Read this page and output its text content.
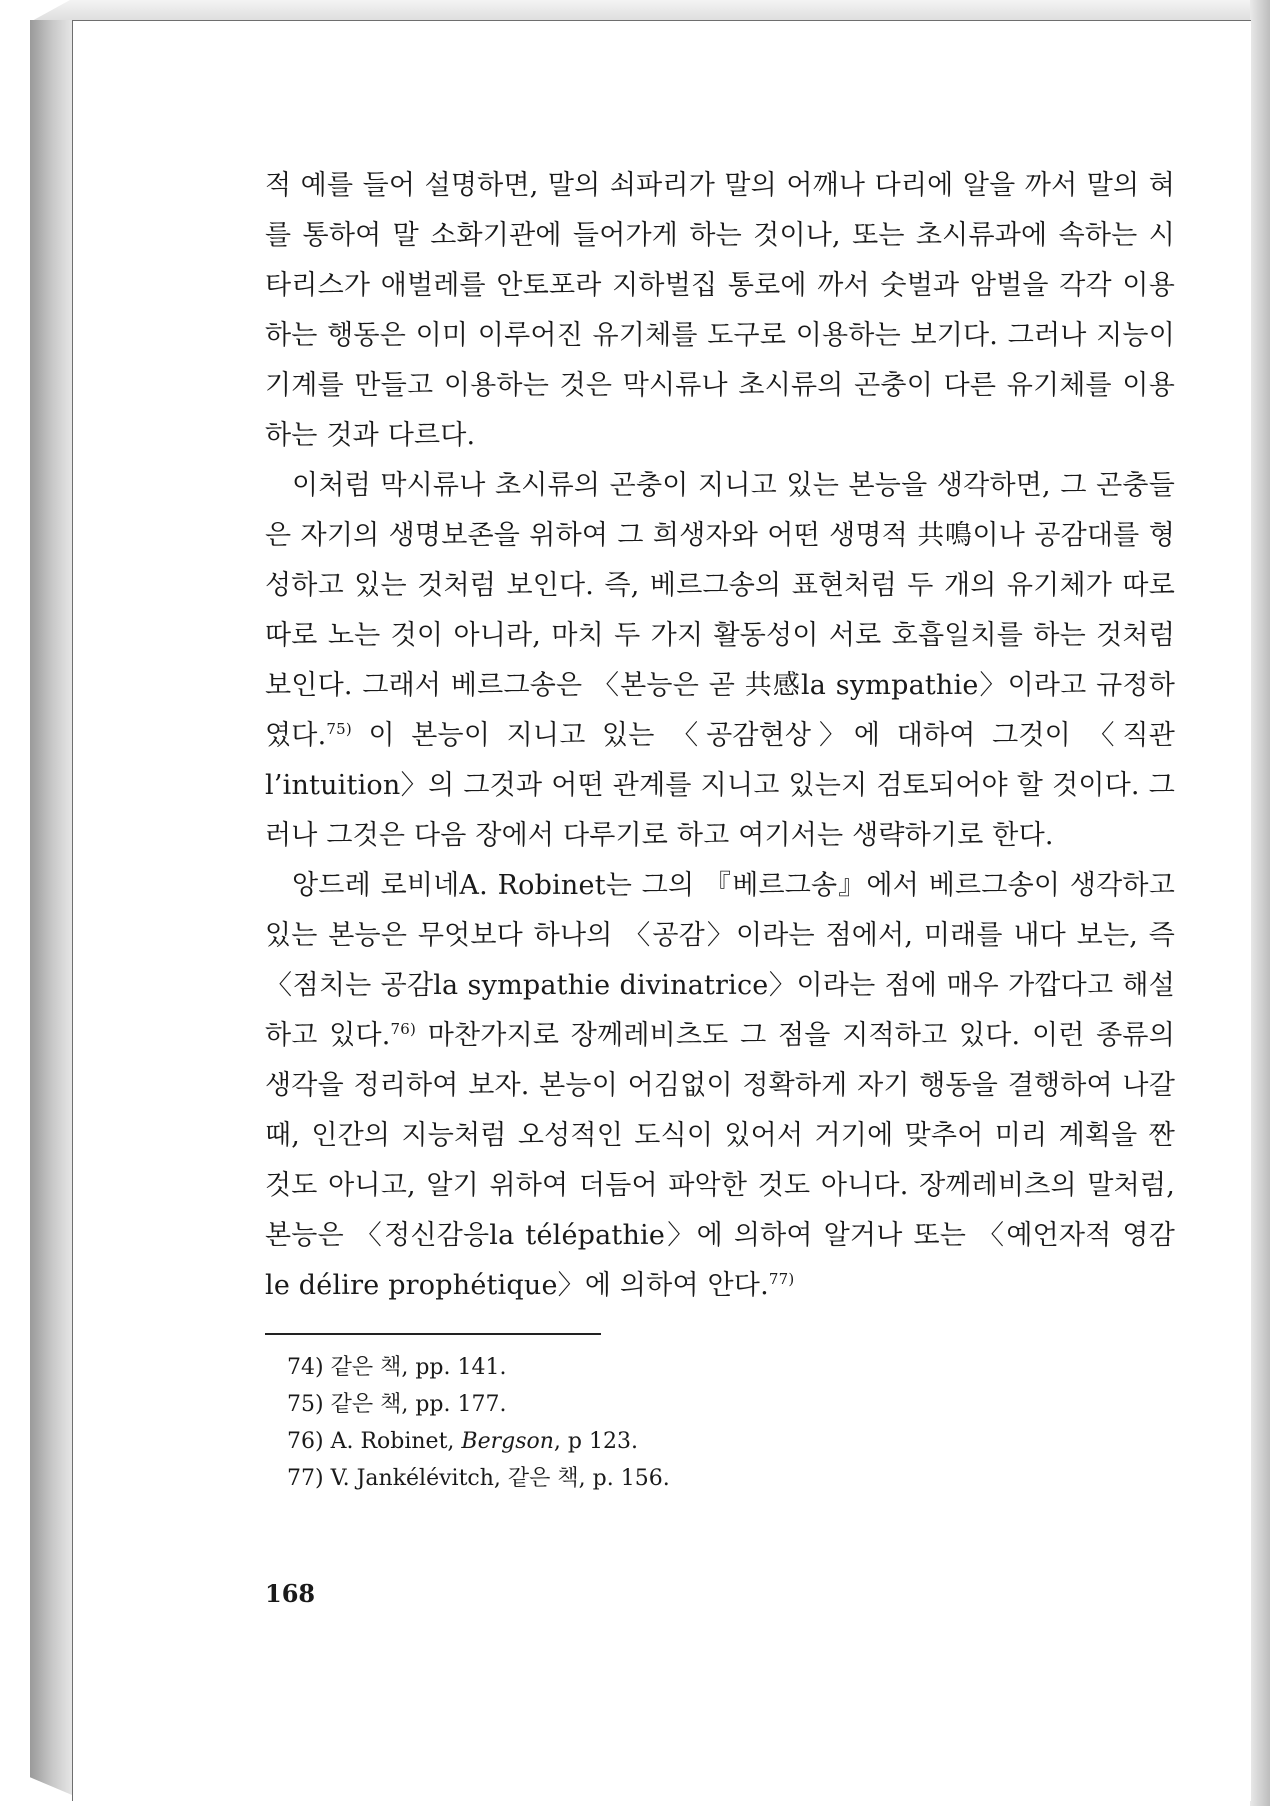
적 예를 들어 설명하면, 말의 쇠파리가 말의 어깨나 다리에 알을 까서 말의 혀를 통하여 말 소화기관에 들어가게 하는 것이나, 또는 초시류과에 속하는 시타리스가 애벌레를 안토포라 지하벌집 통로에 까서 숫벌과 암벌을 각각 이용하는 행동은 이미 이루어진 유기체를 도구로 이용하는 보기다. 그러나 지능이 기계를 만들고 이용하는 것은 막시류나 초시류의 곤충이 다른 유기체를 이용하는 것과 다르다.

이처럼 막시류나 초시류의 곤충이 지니고 있는 본능을 생각하면, 그 곤충들은 자기의 생명보존을 위하여 그 희생자와 어떤 생명적 共鳴이나 공감대를 형성하고 있는 것처럼 보인다. 즉, 베르그송의 표현처럼 두 개의 유기체가 따로따로 노는 것이 아니라, 마치 두 가지 활동성이 서로 호흡일치를 하는 것처럼 보인다. 그래서 베르그송은 〈본능은 곧 共感la sympathie〉이라고 규정하였다.$^{75)}$ 이 본능이 지니고 있는 〈공감현상〉에 대하여 그것이 〈직관l’intuition〉의 그것과 어떤 관계를 지니고 있는지 검토되어야 할 것이다. 그러나 그것은 다음 장에서 다루기로 하고 여기서는 생략하기로 한다.

앙드레 로비네A. Robinet는 그의 『베르그송』에서 베르그송이 생각하고 있는 본능은 무엇보다 하나의 〈공감〉이라는 점에서, 미래를 내다 보는, 즉 〈점치는 공감la sympathie divinatrice〉이라는 점에 매우 가깝다고 해설하고 있다.$^{76)}$ 마찬가지로 장께레비츠도 그 점을 지적하고 있다. 이런 종류의 생각을 정리하여 보자. 본능이 어김없이 정확하게 자기 행동을 결행하여 나갈 때, 인간의 지능처럼 오성적인 도식이 있어서 거기에 맞추어 미리 계획을 짠 것도 아니고, 알기 위하여 더듬어 파악한 것도 아니다. 장께레비츠의 말처럼, 본능은 〈정신감응la télépathie〉에 의하여 알거나 또는 〈예언자적 영감le délire prophétique〉에 의하여 안다.$^{77)}$

74) 같은 책, pp. 141.
75) 같은 책, pp. 177.
76) A. Robinet, Bergson, p 123.
77) V. Jankélévitch, 같은 책, p. 156.
168
